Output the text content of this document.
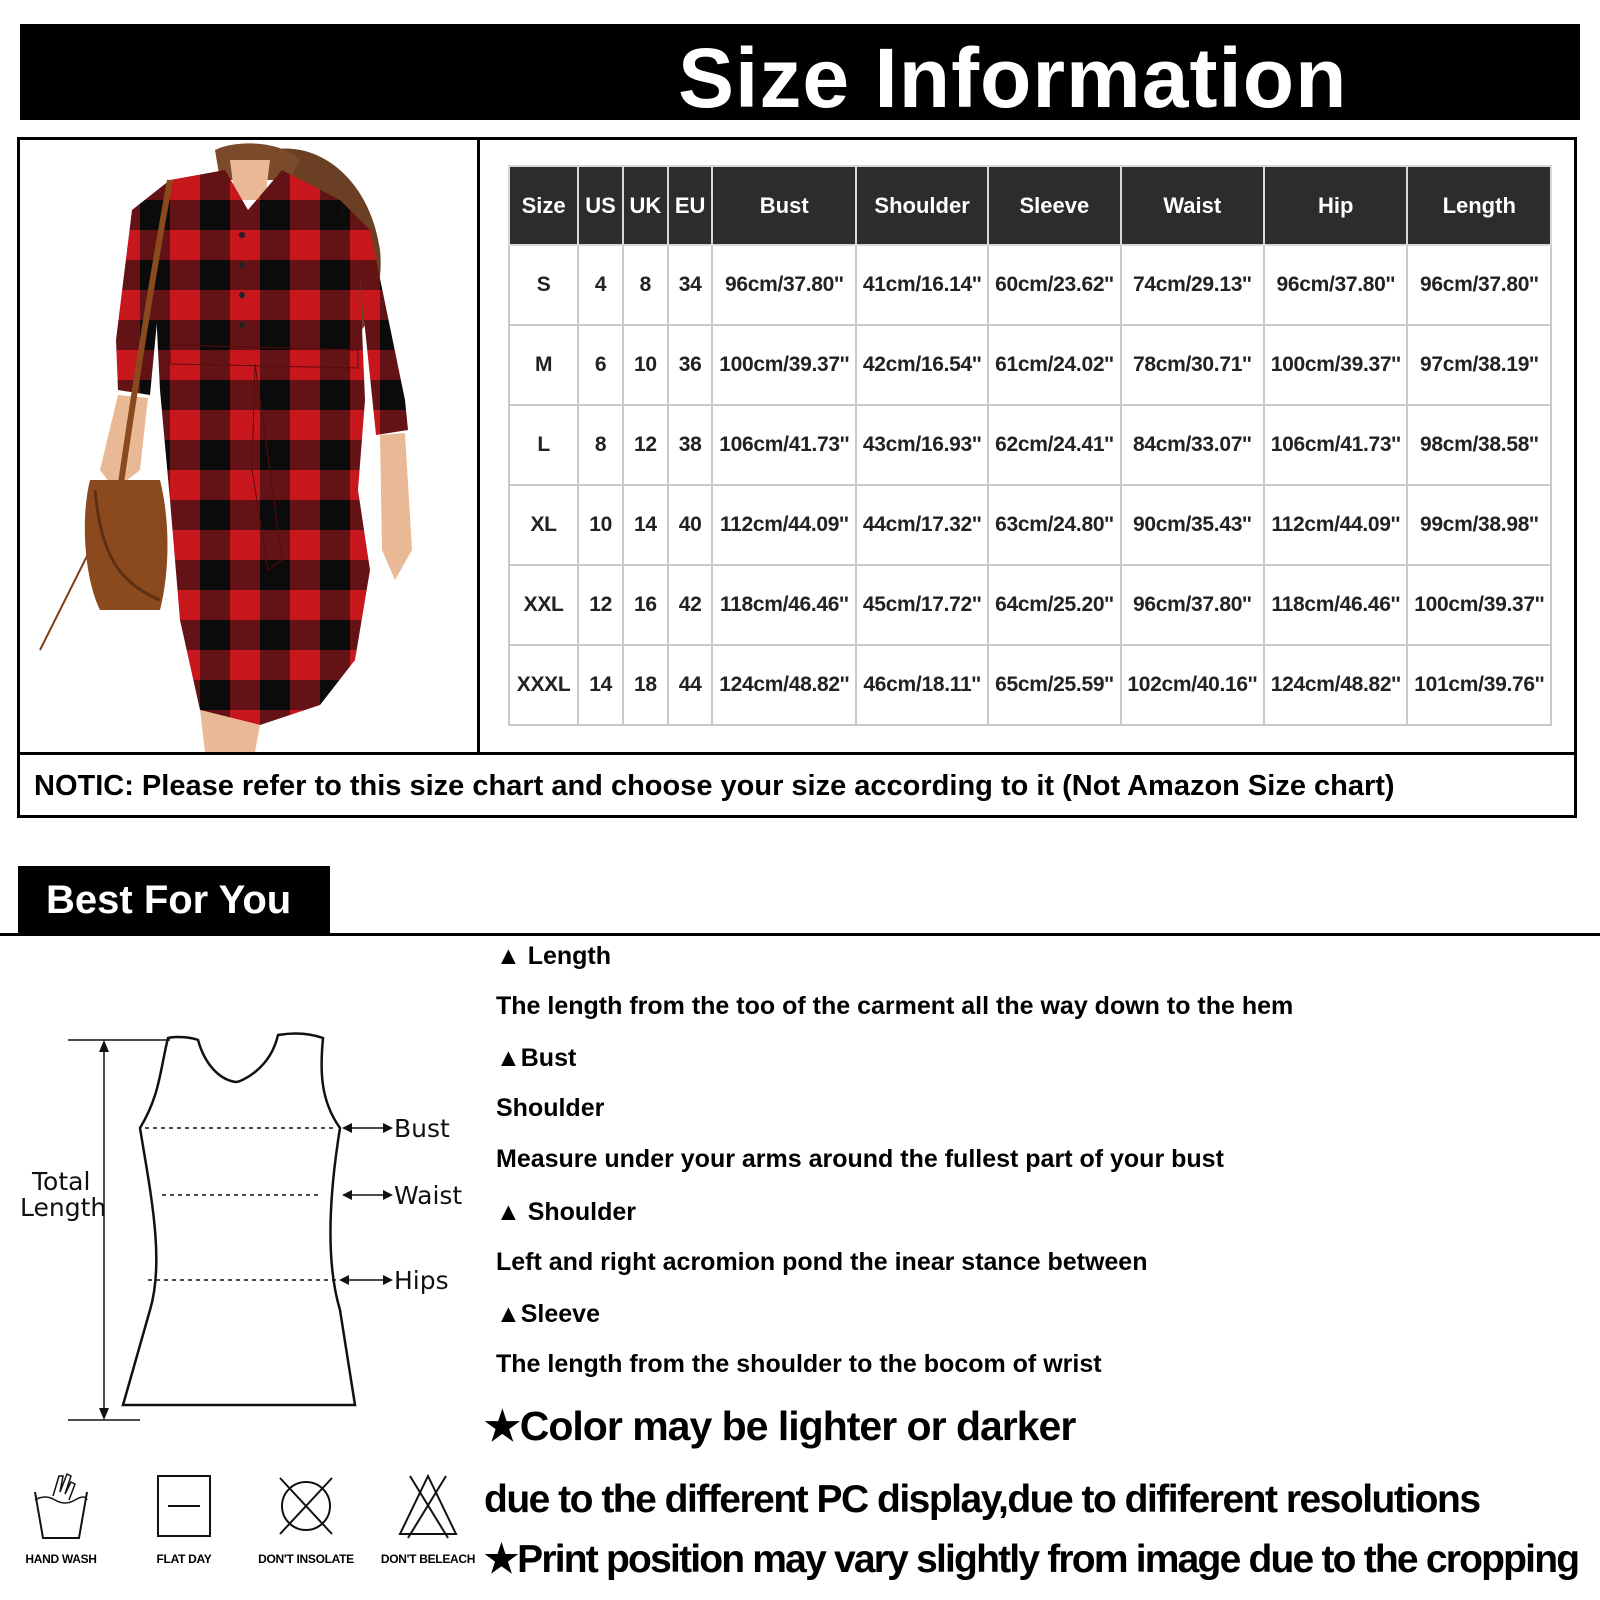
Size Information
Size	US	UK	EU	Bust	Shoulder	Sleeve	Waist	Hip	Length
S	4	8	34	96cm/37.80''	41cm/16.14''	60cm/23.62''	74cm/29.13''	96cm/37.80''	96cm/37.80''
M	6	10	36	100cm/39.37''	42cm/16.54''	61cm/24.02''	78cm/30.71''	100cm/39.37''	97cm/38.19''
L	8	12	38	106cm/41.73''	43cm/16.93''	62cm/24.41''	84cm/33.07''	106cm/41.73''	98cm/38.58''
XL	10	14	40	112cm/44.09''	44cm/17.32''	63cm/24.80''	90cm/35.43''	112cm/44.09''	99cm/38.98''
XXL	12	16	42	118cm/46.46''	45cm/17.72''	64cm/25.20''	96cm/37.80''	118cm/46.46''	100cm/39.37''
XXXL	14	18	44	124cm/48.82''	46cm/18.11''	65cm/25.59''	102cm/40.16''	124cm/48.82''	101cm/39.76''
NOTIC: Please refer to this size chart and choose your size according to it (Not Amazon Size chart)
Best For You
Total
Length
Bust
Waist
Hips
▲ Length
The length from the too of the carment all the way down to the hem
▲Bust
Shoulder
Measure under your arms around the fullest part of your bust
▲ Shoulder
Left and right acromion pond the inear stance between
▲Sleeve
The length from the shoulder to the bocom of wrist
★Color may be lighter or darker
due to the different PC display,due to dififerent resolutions
★Print position may vary slightly from image due to the cropping
HAND WASH	FLAT DAY	DON'T INSOLATE	DON'T BELEACH
